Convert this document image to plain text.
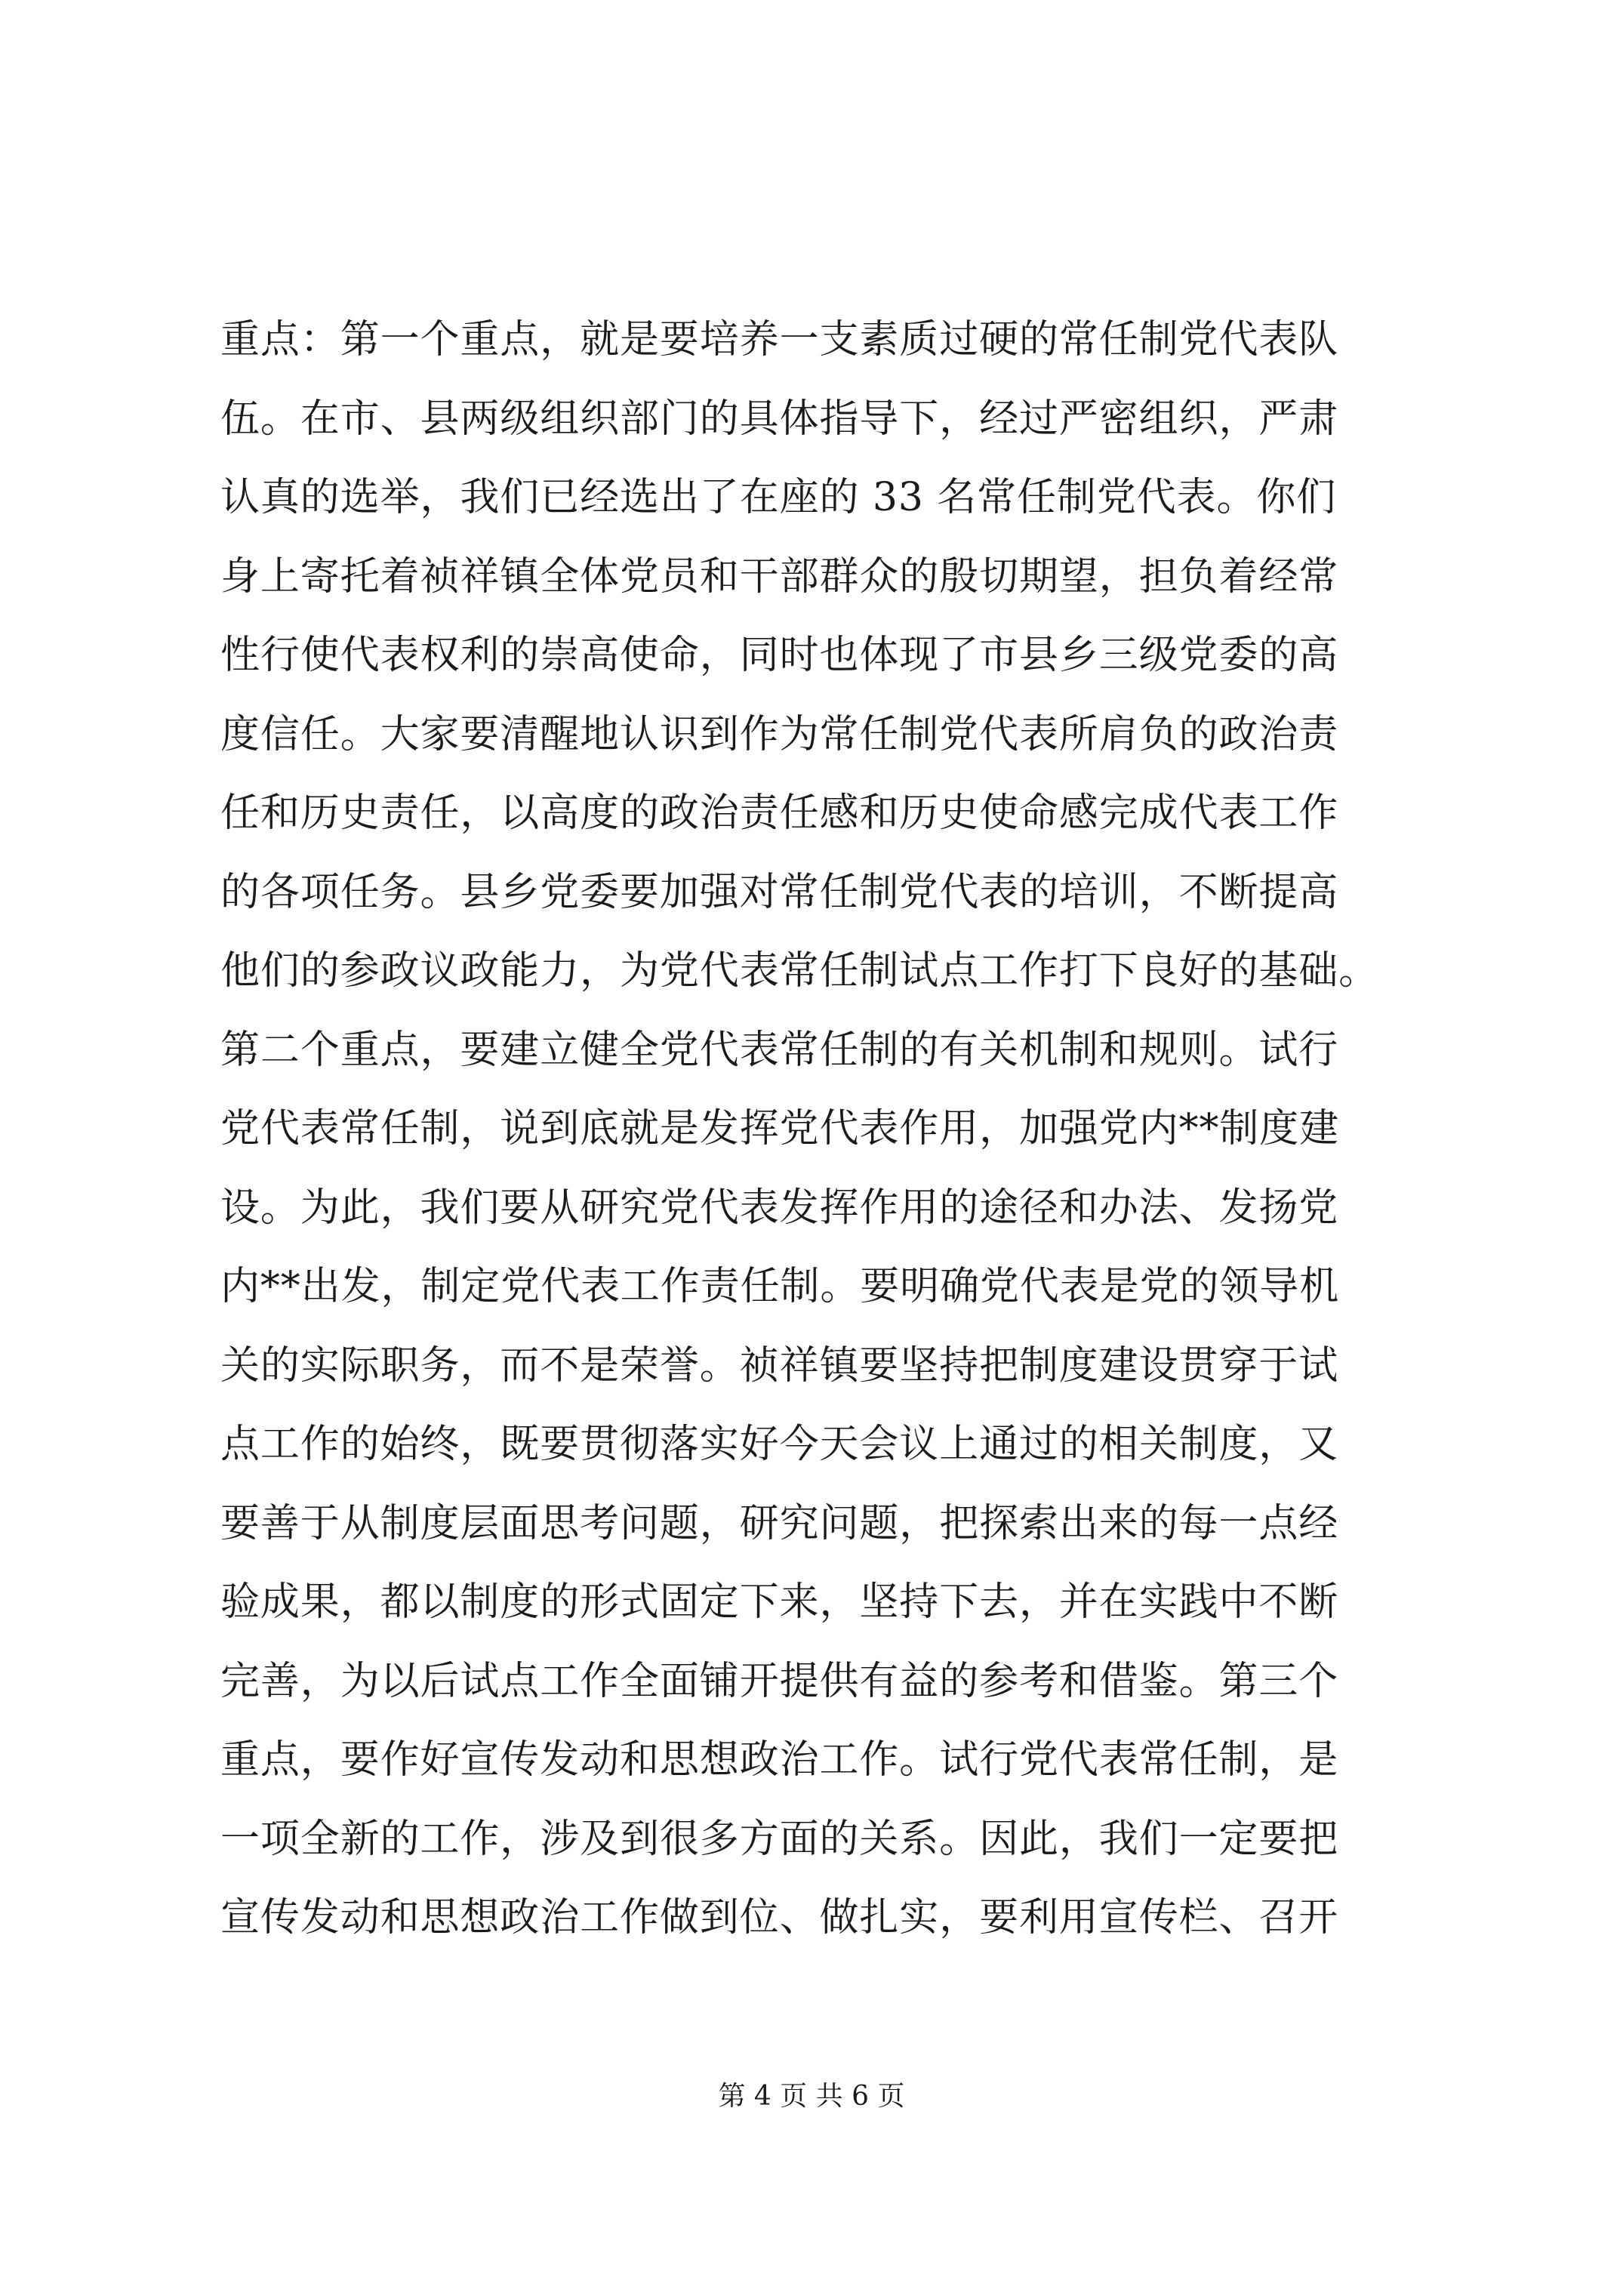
重点：第一个重点，就是要培养一支素质过硬的常任制党代表队
伍。在市、县两级组织部门的具体指导下，经过严密组织，严肃
认真的选举，我们已经选出了在座的 33 名常任制党代表。你们
身上寄托着祯祥镇全体党员和干部群众的殷切期望，担负着经常
性行使代表权利的崇高使命，同时也体现了市县乡三级党委的高
度信任。大家要清醒地认识到作为常任制党代表所肩负的政治责
任和历史责任，以高度的政治责任感和历史使命感完成代表工作
的各项任务。县乡党委要加强对常任制党代表的培训，不断提高
他们的参政议政能力，为党代表常任制试点工作打下良好的基础。
第二个重点，要建立健全党代表常任制的有关机制和规则。试行
党代表常任制，说到底就是发挥党代表作用，加强党内**制度建
设。为此，我们要从研究党代表发挥作用的途径和办法、发扬党
内**出发，制定党代表工作责任制。要明确党代表是党的领导机
关的实际职务，而不是荣誉。祯祥镇要坚持把制度建设贯穿于试
点工作的始终，既要贯彻落实好今天会议上通过的相关制度，又
要善于从制度层面思考问题，研究问题，把探索出来的每一点经
验成果，都以制度的形式固定下来，坚持下去，并在实践中不断
完善，为以后试点工作全面铺开提供有益的参考和借鉴。第三个
重点，要作好宣传发动和思想政治工作。试行党代表常任制，是
一项全新的工作，涉及到很多方面的关系。因此，我们一定要把
宣传发动和思想政治工作做到位、做扎实，要利用宣传栏、召开
第 4 页 共 6 页
